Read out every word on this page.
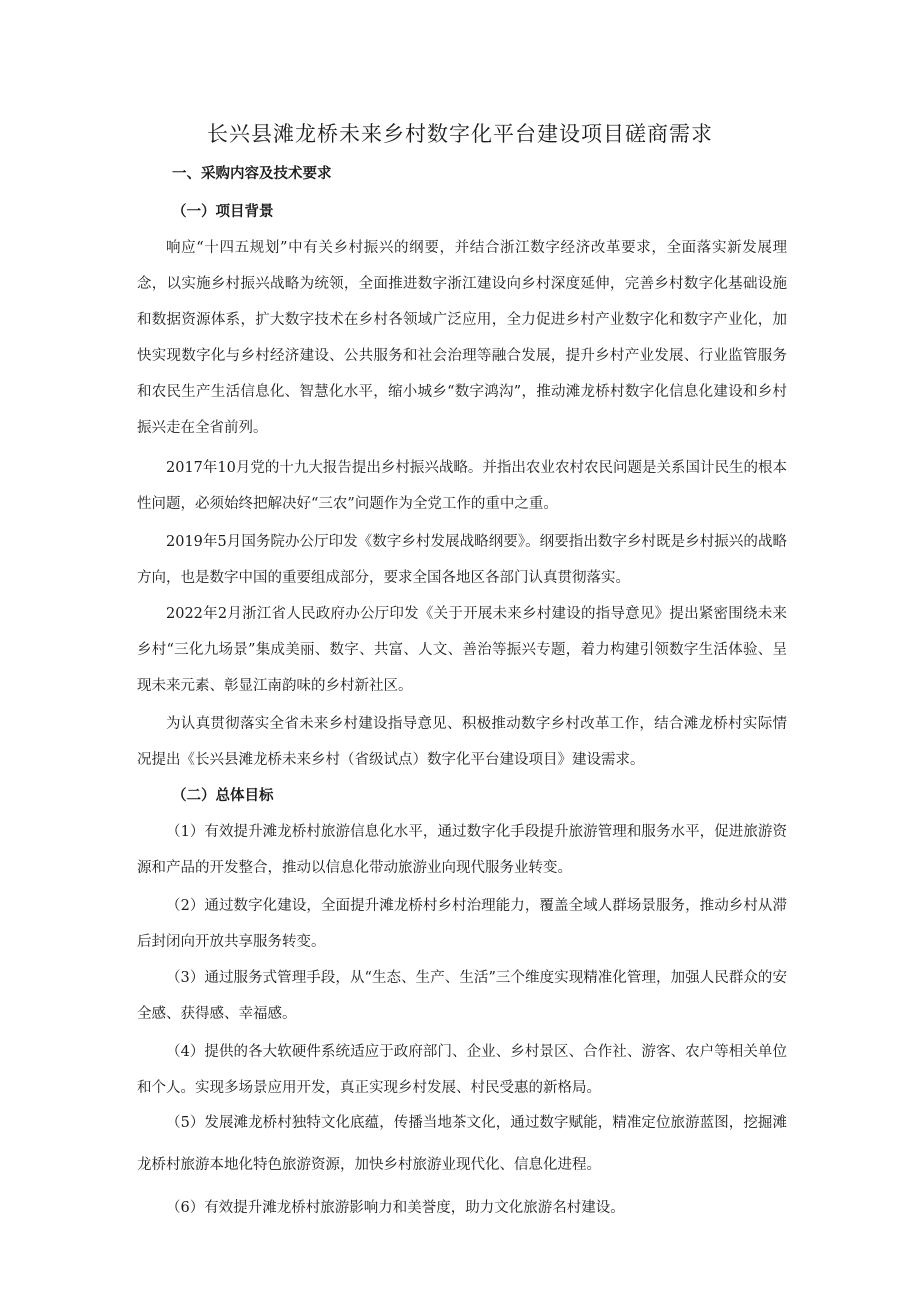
长兴县滩龙桥未来乡村数字化平台建设项目磋商需求
一、采购内容及技术要求
（一）项目背景

响应“十四五规划”中有关乡村振兴的纲要，并结合浙江数字经济改革要求，全面落实新发展理念，以实施乡村振兴战略为统领，全面推进数字浙江建设向乡村深度延伸，完善乡村数字化基础设施和数据资源体系，扩大数字技术在乡村各领域广泛应用，全力促进乡村产业数字化和数字产业化，加快实现数字化与乡村经济建设、公共服务和社会治理等融合发展，提升乡村产业发展、行业监管服务和农民生产生活信息化、智慧化水平，缩小城乡“数字鸿沟”，推动滩龙桥村数字化信息化建设和乡村振兴走在全省前列。

2017年10月党的十九大报告提出乡村振兴战略。并指出农业农村农民问题是关系国计民生的根本性问题，必须始终把解决好“三农”问题作为全党工作的重中之重。

2019年5月国务院办公厅印发《数字乡村发展战略纲要》。纲要指出数字乡村既是乡村振兴的战略方向，也是数字中国的重要组成部分，要求全国各地区各部门认真贯彻落实。

2022年2月浙江省人民政府办公厅印发《关于开展未来乡村建设的指导意见》提出紧密围绕未来乡村“三化九场景”集成美丽、数字、共富、人文、善治等振兴专题，着力构建引领数字生活体验、呈现未来元素、彰显江南韵味的乡村新社区。

为认真贯彻落实全省未来乡村建设指导意见、积极推动数字乡村改革工作，结合滩龙桥村实际情况提出《长兴县滩龙桥未来乡村（省级试点）数字化平台建设项目》建设需求。

（二）总体目标

（1）有效提升滩龙桥村旅游信息化水平，通过数字化手段提升旅游管理和服务水平，促进旅游资源和产品的开发整合，推动以信息化带动旅游业向现代服务业转变。

（2）通过数字化建设，全面提升滩龙桥村乡村治理能力，覆盖全域人群场景服务，推动乡村从滞后封闭向开放共享服务转变。

（3）通过服务式管理手段，从“生态、生产、生活”三个维度实现精准化管理，加强人民群众的安全感、获得感、幸福感。

（4）提供的各大软硬件系统适应于政府部门、企业、乡村景区、合作社、游客、农户等相关单位和个人。实现多场景应用开发，真正实现乡村发展、村民受惠的新格局。

（5）发展滩龙桥村独特文化底蕴，传播当地茶文化，通过数字赋能，精准定位旅游蓝图，挖掘滩龙桥村旅游本地化特色旅游资源，加快乡村旅游业现代化、信息化进程。

（6）有效提升滩龙桥村旅游影响力和美誉度，助力文化旅游名村建设。
